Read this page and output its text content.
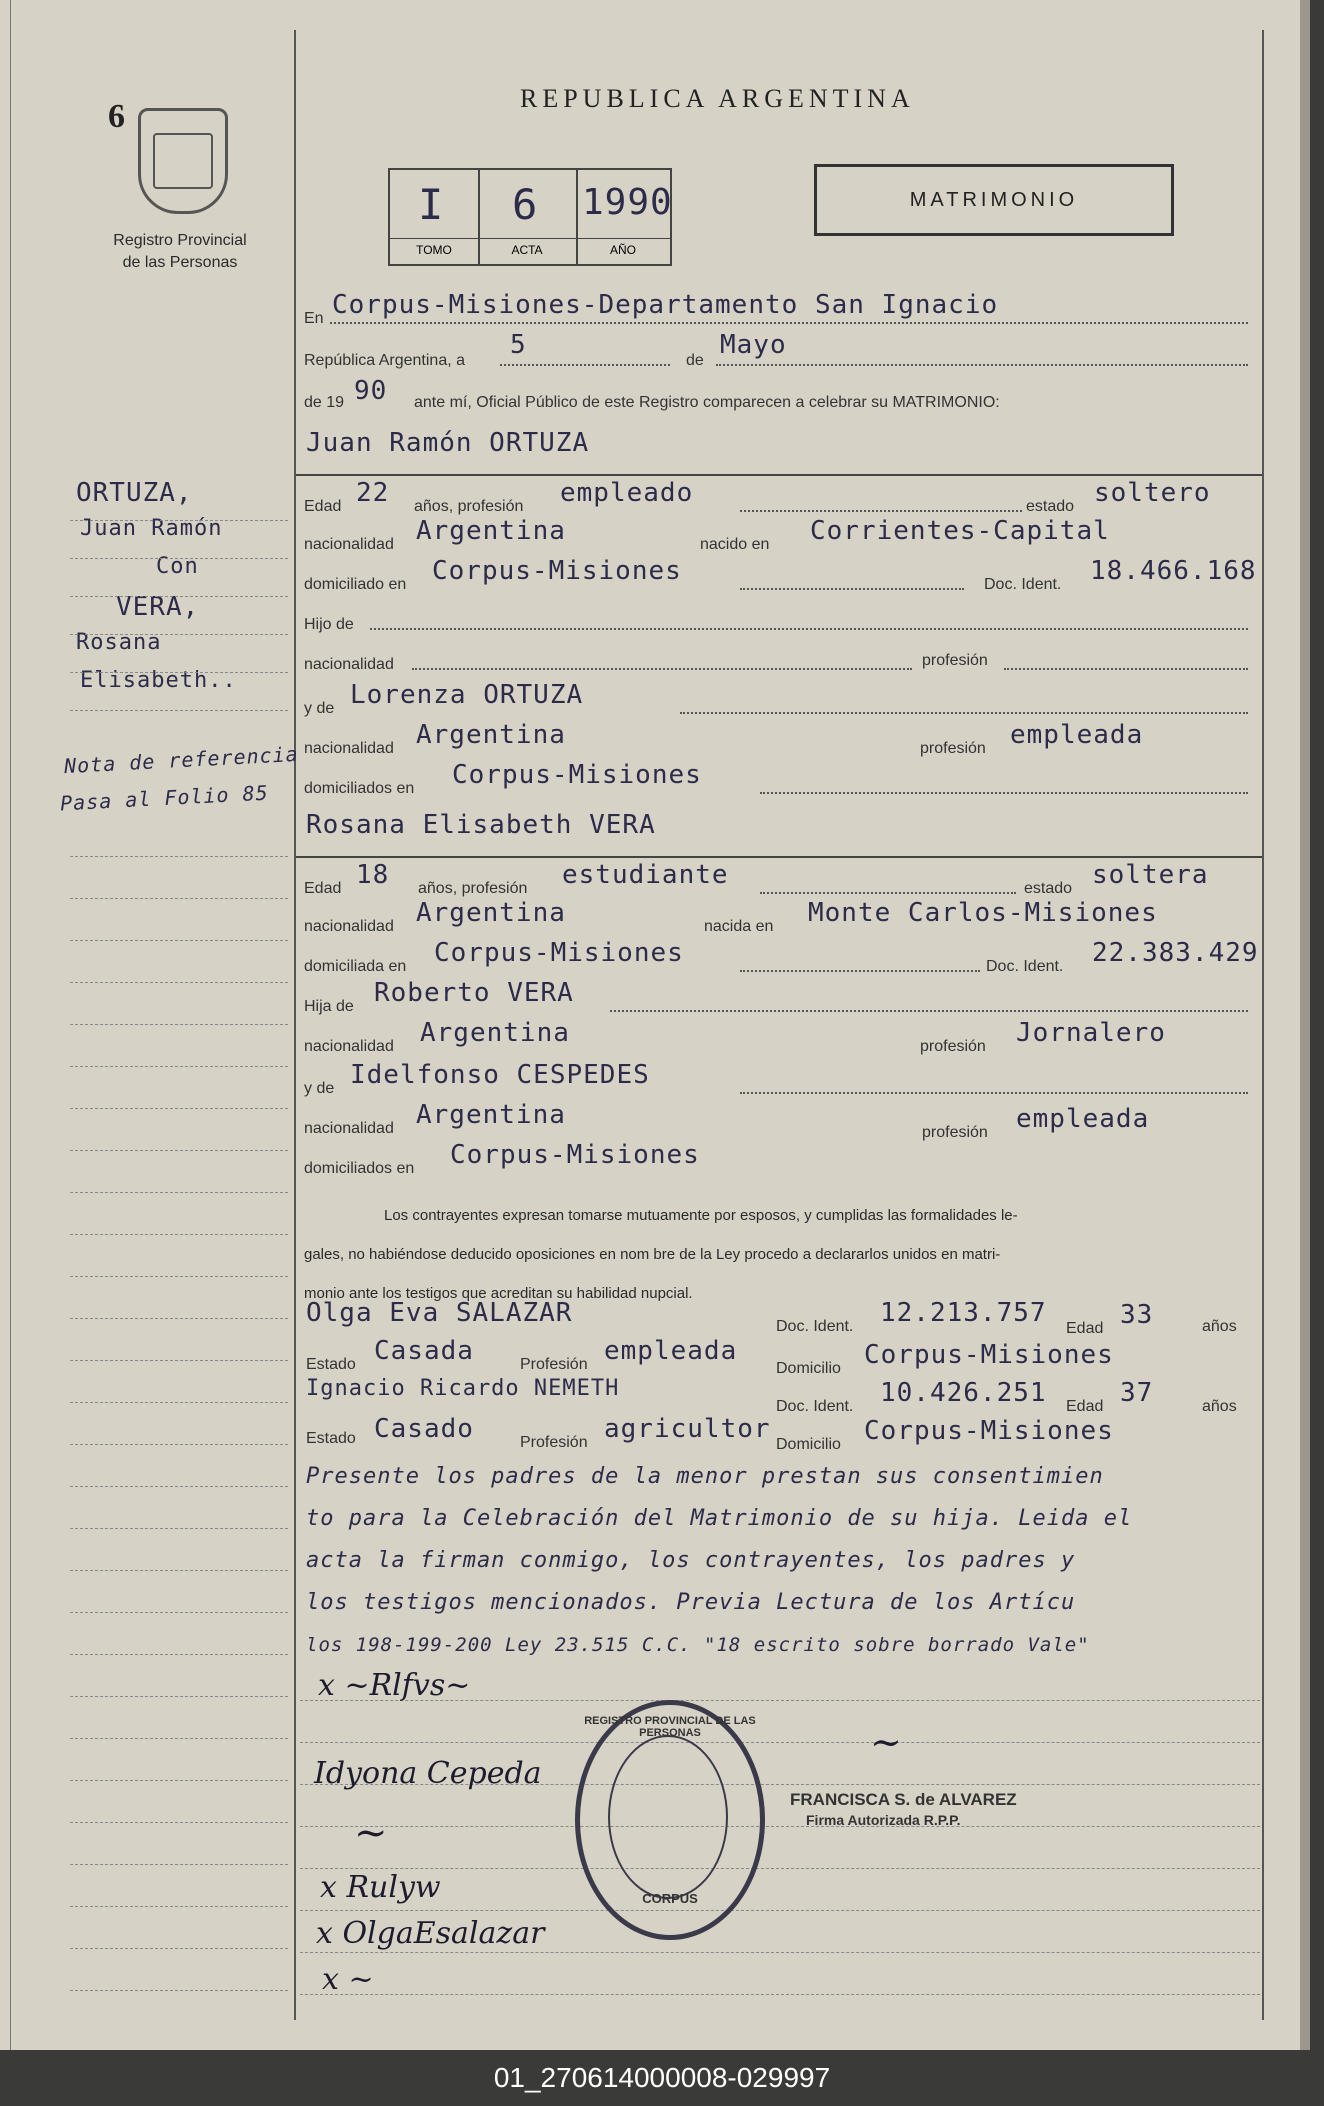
6
Registro Provincial
de las Personas
REPUBLICA ARGENTINA
I
TOMO
6
ACTA
1990
AÑO
MATRIMONIO
En Corpus-Misiones-Departamento San Ignacio
República Argentina, a
5
de
Mayo
de 19 90 ante mí, Oficial Público de este Registro comparecen a celebrar su MATRIMONIO:
Juan Ramón ORTUZA
ORTUZA,
Juan Ramón
Con
VERA,
Rosana
Elisabeth..
Nota de referencia
Pasa al Folio 85
Edad 22 años, profesión empleado	estado soltero
nacionalidad Argentina	nacido en Corrientes-Capital
domiciliado en Corpus-Misiones	Doc. Ident. 18.466.168
Hijo de
nacionalidad	profesión
y de Lorenza ORTUZA
nacionalidad Argentina	profesión empleada
domiciliados en Corpus-Misiones
Rosana Elisabeth VERA
Edad 18 años, profesión estudiante	estado soltera
nacionalidad Argentina	nacida en Monte Carlos-Misiones
domiciliada en Corpus-Misiones	Doc. Ident. 22.383.429
Hija de Roberto VERA
nacionalidad Argentina	profesión Jornalero
y de Idelfonso CESPEDES
nacionalidad Argentina
profesión empleada
domiciliados en Corpus-Misiones
Los contrayentes expresan tomarse mutuamente por esposos, y cumplidas las formalidades le-
gales, no habiéndose deducido oposiciones en nom bre de la Ley procedo a declararlos unidos en matri-
monio ante los testigos que acreditan su habilidad nupcial.
Olga Eva SALAZAR	Doc. Ident. 12.213.757
Edad 33	años
Estado Casada	Profesión empleada
Domicilio Corpus-Misiones
Ignacio Ricardo NEMETH
Doc. Ident. 10.426.251 Edad 37	años
Estado Casado	Profesión agricultor
Domicilio Corpus-Misiones
Presente los padres de la menor prestan sus consentimien
to para la Celebración del Matrimonio de su hija. Leida el
acta la firman conmigo, los contrayentes, los padres y
los testigos mencionados. Previa Lectura de los Artícu
los 198-199-200 Ley 23.515 C.C. "18 escrito sobre borrado Vale"
x ~Rlfvs~
Idyona Cepeda
~
x Rulyw
x OlgaEsalazar
x ~
REGISTRO PROVINCIAL DE LAS PERSONAS
CORPUS
~
FRANCISCA S. de ALVAREZ
Firma Autorizada R.P.P.
01_270614000008-029997
